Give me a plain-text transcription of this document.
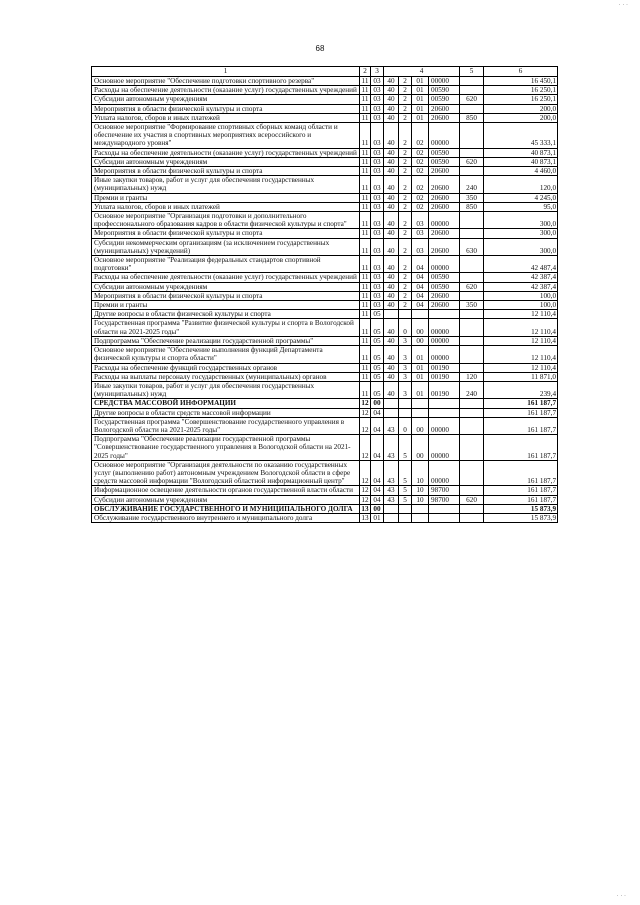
68
· · ·
· · ·
1	2	3	4				5	6
Основное мероприятие "Обеспечение подготовки спортивного резерва"	11	03	40	2	01	00000		16 450,1
Расходы на обеспечение деятельности (оказание услуг) государственных учреждений	11	03	40	2	01	00590		16 250,1
Субсидии автономным учреждениям	11	03	40	2	01	00590	620	16 250,1
Мероприятия в области физической культуры и спорта	11	03	40	2	01	20600		200,0
Уплата налогов, сборов и иных платежей	11	03	40	2	01	20600	850	200,0
Основное мероприятие "Формирование спортивных сборных команд области и обеспечение их участия в спортивных мероприятиях всероссийского и международного уровня"	11	03	40	2	02	00000		45 333,1
Расходы на обеспечение деятельности (оказание услуг) государственных учреждений	11	03	40	2	02	00590		40 873,1
Субсидии автономным учреждениям	11	03	40	2	02	00590	620	40 873,1
Мероприятия в области физической культуры и спорта	11	03	40	2	02	20600		4 460,0
Иные закупки товаров, работ и услуг для обеспечения государственных (муниципальных) нужд	11	03	40	2	02	20600	240	120,0
Премии и гранты	11	03	40	2	02	20600	350	4 245,0
Уплата налогов, сборов и иных платежей	11	03	40	2	02	20600	850	95,0
Основное мероприятие "Организация подготовки и дополнительного профессионального образования кадров в области физической культуры и спорта"	11	03	40	2	03	00000		300,0
Мероприятия в области физической культуры и спорта	11	03	40	2	03	20600		300,0
Субсидии некоммерческим организациям (за исключением государственных (муниципальных) учреждений)	11	03	40	2	03	20600	630	300,0
Основное мероприятие "Реализация федеральных стандартов спортивной подготовки"	11	03	40	2	04	00000		42 487,4
Расходы на обеспечение деятельности (оказание услуг) государственных учреждений	11	03	40	2	04	00590		42 387,4
Субсидии автономным учреждениям	11	03	40	2	04	00590	620	42 387,4
Мероприятия в области физической культуры и спорта	11	03	40	2	04	20600		100,0
Премии и гранты	11	03	40	2	04	20600	350	100,0
Другие вопросы в области физической культуры и спорта	11	05						12 110,4
Государственная программа "Развитие физической культуры и спорта в Вологодской области на 2021-2025 годы"	11	05	40	0	00	00000		12 110,4
Подпрограмма "Обеспечение реализации государственной программы"	11	05	40	3	00	00000		12 110,4
Основное мероприятие "Обеспечение выполнения функций Департамента физической культуры и спорта области"	11	05	40	3	01	00000		12 110,4
Расходы на обеспечение функций государственных органов	11	05	40	3	01	00190		12 110,4
Расходы на выплаты персоналу государственных (муниципальных) органов	11	05	40	3	01	00190	120	11 871,0
Иные закупки товаров, работ и услуг для обеспечения государственных (муниципальных) нужд	11	05	40	3	01	00190	240	239,4
СРЕДСТВА МАССОВОЙ ИНФОРМАЦИИ	12	00						161 187,7
Другие вопросы в области средств массовой информации	12	04						161 187,7
Государственная программа "Совершенствование государственного управления в Вологодской области на 2021-2025 годы"	12	04	43	0	00	00000		161 187,7
Подпрограмма "Обеспечение реализации государственной программы "Совершенствование государственного управления в Вологодской области на 2021-2025 годы"	12	04	43	5	00	00000		161 187,7
Основное мероприятие "Организация деятельности по оказанию государственных услуг (выполнению работ) автономным учреждением Вологодской области в сфере средств массовой информации "Вологодский областной информационный центр"	12	04	43	5	10	00000		161 187,7
Информационное освещение деятельности органов государственной власти области	12	04	43	5	10	98700		161 187,7
Субсидии автономным учреждениям	12	04	43	5	10	98700	620	161 187,7
ОБСЛУЖИВАНИЕ ГОСУДАРСТВЕННОГО И МУНИЦИПАЛЬНОГО ДОЛГА	13	00						15 873,9
Обслуживание государственного внутреннего и муниципального долга	13	01						15 873,9
